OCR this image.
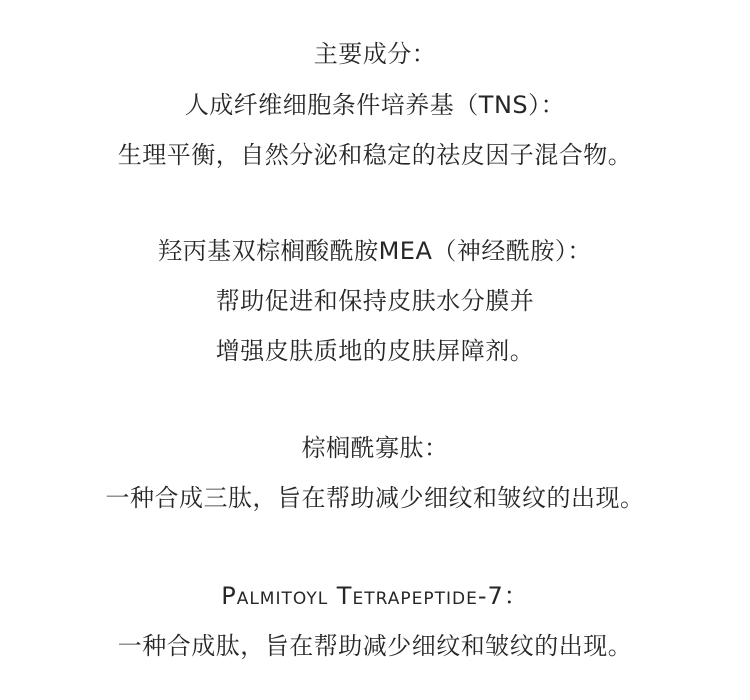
主要成分：
人成纤维细胞条件培养基（TNS）：
生理平衡，自然分泌和稳定的祛皮因子混合物。
羟丙基双棕榈酸酰胺MEA（神经酰胺）：
帮助促进和保持皮肤水分膜并
增强皮肤质地的皮肤屏障剂。
棕榈酰寡肽：
一种合成三肽，旨在帮助减少细纹和皱纹的出现。
Palmitoyl Tetrapeptide-7：
一种合成肽，旨在帮助减少细纹和皱纹的出现。
